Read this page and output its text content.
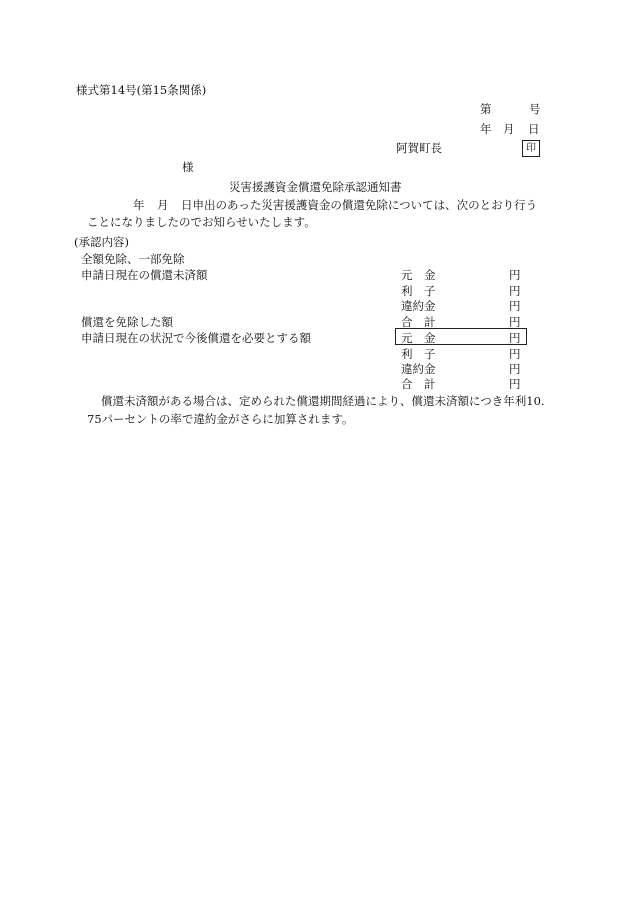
様式第14号(第15条関係)
第	号
年 月 日
阿賀町長	印
様
災害援護資金償還免除承認通知書
年 月 日申出のあった災害援護資金の償還免除については、次のとおり行う
ことになりましたのでお知らせいたします。
(承認内容)
全額免除、一部免除
申請日現在の償還未済額	元　金	円
利　子	円
違約金	円
償還を免除した額	合　計	円
申請日現在の状況で今後償還を必要とする額	元　金	円
利　子	円
違約金	円
合　計	円
償還未済額がある場合は、定められた償還期間経過により、償還未済額につき年利10.
75パーセントの率で違約金がさらに加算されます。
